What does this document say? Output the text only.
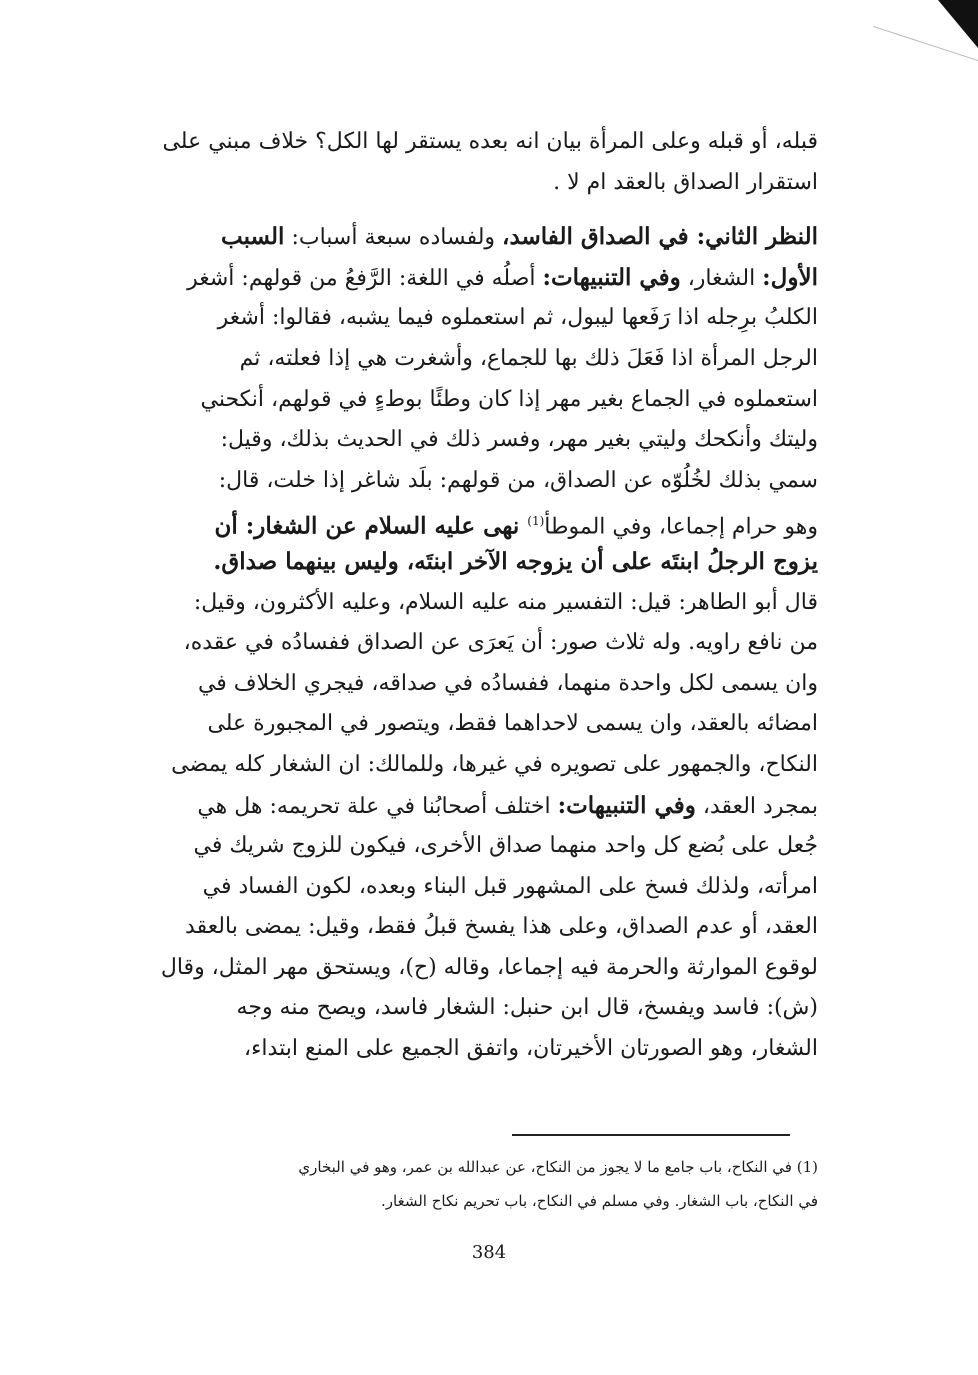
قبله، أو قبله وعلى المرأة بيان انه بعده يستقر لها الكل؟ خلاف مبني على
استقرار الصداق بالعقد ام لا .
النظر الثاني: في الصداق الفاسد، ولفساده سبعة أسباب: السبب
الأول: الشغار، وفي التنبيهات: أصلُه في اللغة: الرَّفعُ من قولهم: أشغر
الكلبُ برِجله اذا رَفَعها ليبول، ثم استعملوه فيما يشبه، فقالوا: أشغر
الرجل المرأة اذا فَعَلَ ذلك بها للجماع، وأشغرت هي إذا فعلته، ثم
استعملوه في الجماع بغير مهر إذا كان وطئًا بوطءٍ في قولهم، أنكحني
وليتك وأنكحك وليتي بغير مهر، وفسر ذلك في الحديث بذلك، وقيل:
سمي بذلك لخُلُوّه عن الصداق، من قولهم: بلَد شاغر إذا خلت، قال:
وهو حرام إجماعا، وفي الموطأ$^{(1)}$ نهى عليه السلام عن الشغار: أن
يزوج الرجلُ ابنتَه على أن يزوجه الآخر ابنتَه، وليس بينهما صداق.
قال أبو الطاهر: قيل: التفسير منه عليه السلام، وعليه الأكثرون، وقيل:
من نافع راويه. وله ثلاث صور: أن يَعرَى عن الصداق ففسادُه في عقده،
وان يسمى لكل واحدة منهما، ففسادُه في صداقه، فيجري الخلاف في
امضائه بالعقد، وان يسمى لاحداهما فقط، ويتصور في المجبورة على
النكاح، والجمهور على تصويره في غيرها، وللمالك: ان الشغار كله يمضى
بمجرد العقد، وفي التنبيهات: اختلف أصحابُنا في علة تحريمه: هل هي
جُعل على بُضع كل واحد منهما صداق الأخرى، فيكون للزوج شريك في
امرأته، ولذلك فسخ على المشهور قبل البناء وبعده، لكون الفساد في
العقد، أو عدم الصداق، وعلى هذا يفسخ قبلُ فقط، وقيل: يمضى بالعقد
لوقوع الموارثة والحرمة فيه إجماعا، وقاله (ح)، ويستحق مهر المثل، وقال
(ش): فاسد ويفسخ، قال ابن حنبل: الشغار فاسد، ويصح منه وجه
الشغار، وهو الصورتان الأخيرتان، واتفق الجميع على المنع ابتداء،
(1) في النكاح، باب جامع ما لا يجوز من النكاح، عن عبدالله بن عمر، وهو في البخاري
في النكاح، باب الشغار. وفي مسلم في النكاح، باب تحريم نكاح الشغار.
384
